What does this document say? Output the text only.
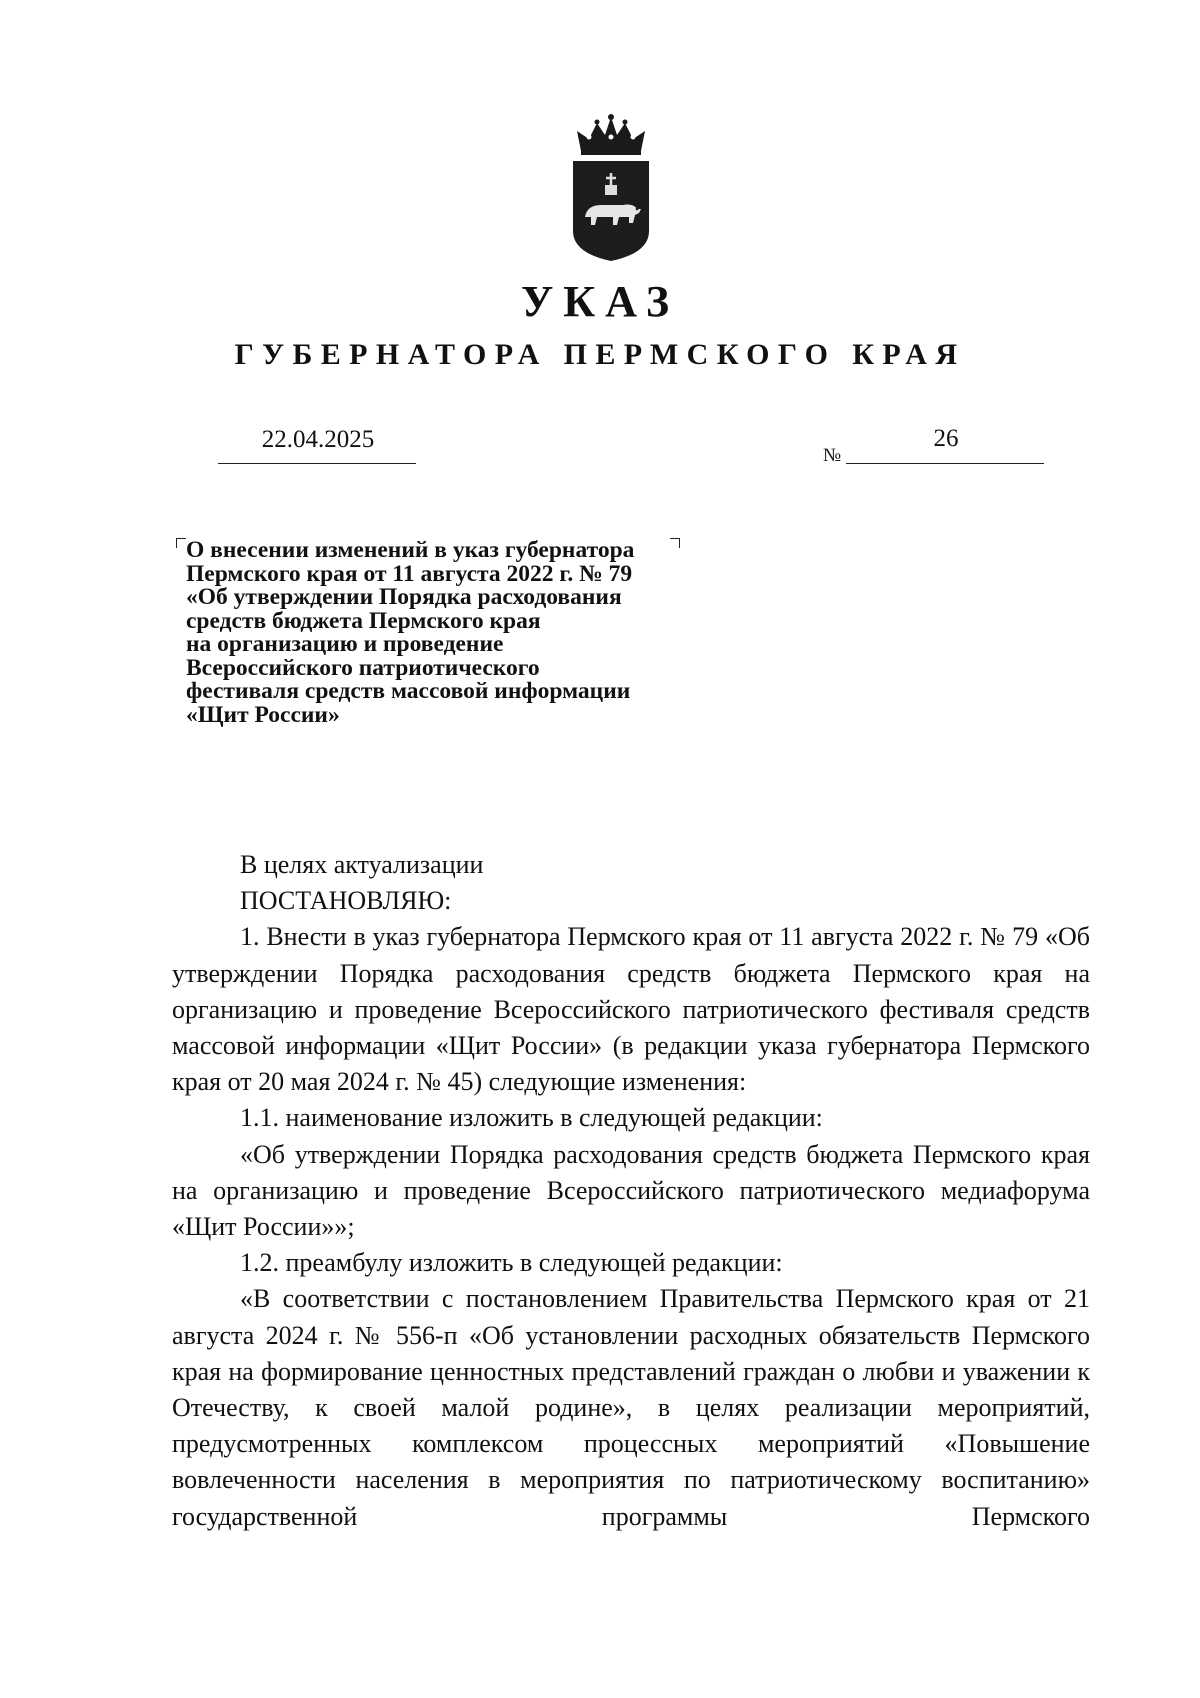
УКАЗ
ГУБЕРНАТОРА ПЕРМСКОГО КРАЯ
22.04.2025
№
26
О внесении изменений в указ губернатора
Пермского края от 11 августа 2022 г. № 79
«Об утверждении Порядка расходования
средств бюджета Пермского края
на организацию и проведение
Всероссийского патриотического
фестиваля средств массовой информации
«Щит России»

В целях актуализации

ПОСТАНОВЛЯЮ:

1. Внести в указ губернатора Пермского края от 11 августа 2022 г. № 79 «Об утверждении Порядка расходования средств бюджета Пермского края на организацию и проведение Всероссийского патриотического фестиваля средств массовой информации «Щит России» (в редакции указа губернатора Пермского края от 20 мая 2024 г. № 45) следующие изменения:

1.1. наименование изложить в следующей редакции:

«Об утверждении Порядка расходования средств бюджета Пермского края на организацию и проведение Всероссийского патриотического медиафорума «Щит России»»;

1.2. преамбулу изложить в следующей редакции:

«В соответствии с постановлением Правительства Пермского края от 21 августа 2024 г. № 556-п «Об установлении расходных обязательств Пермского края на формирование ценностных представлений граждан о любви и уважении к Отечеству, к своей малой родине», в целях реализации мероприятий, предусмотренных комплексом процессных мероприятий «Повышение вовлеченности населения в мероприятия по патриотическому воспитанию» государственной программы Пермского
